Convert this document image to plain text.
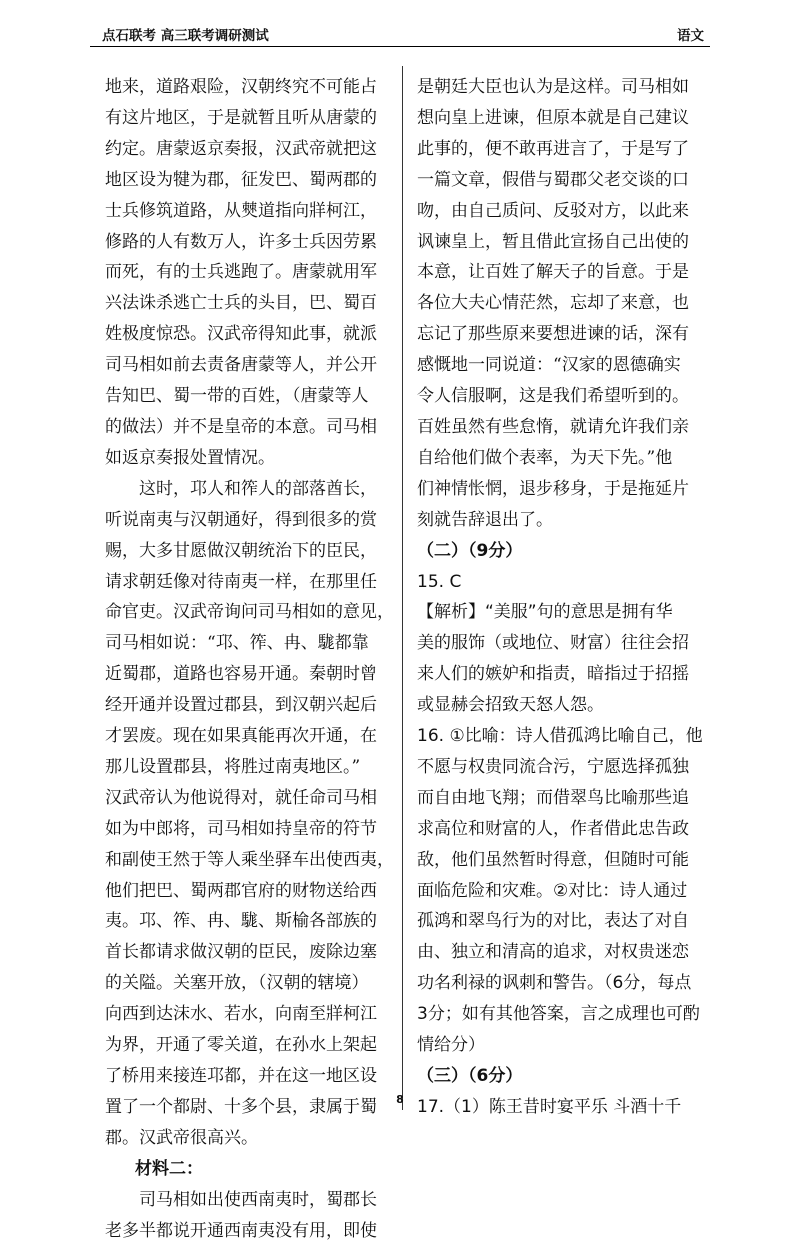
点石联考 高三联考调研测试	语文
地来，道路艰险，汉朝终究不可能占
有这片地区，于是就暂且听从唐蒙的
约定。唐蒙返京奏报，汉武帝就把这
地区设为犍为郡，征发巴、蜀两郡的
士兵修筑道路，从僰道指向牂柯江，
修路的人有数万人，许多士兵因劳累
而死，有的士兵逃跑了。唐蒙就用军
兴法诛杀逃亡士兵的头目，巴、蜀百
姓极度惊恐。汉武帝得知此事，就派
司马相如前去责备唐蒙等人，并公开
告知巴、蜀一带的百姓，（唐蒙等人
的做法）并不是皇帝的本意。司马相
如返京奏报处置情况。
这时，邛人和筰人的部落酋长，
听说南夷与汉朝通好，得到很多的赏
赐，大多甘愿做汉朝统治下的臣民，
请求朝廷像对待南夷一样，在那里任
命官吏。汉武帝询问司马相如的意见，
司马相如说：“邛、筰、冉、駹都靠
近蜀郡，道路也容易开通。秦朝时曾
经开通并设置过郡县，到汉朝兴起后
才罢废。现在如果真能再次开通，在
那儿设置郡县，将胜过南夷地区。”
汉武帝认为他说得对，就任命司马相
如为中郎将，司马相如持皇帝的符节
和副使王然于等人乘坐驿车出使西夷，
他们把巴、蜀两郡官府的财物送给西
夷。邛、筰、冉、駹、斯榆各部族的
首长都请求做汉朝的臣民，废除边塞
的关隘。关塞开放，（汉朝的辖境）
向西到达沫水、若水，向南至牂柯江
为界，开通了零关道，在孙水上架起
了桥用来接连邛都，并在这一地区设
置了一个都尉、十多个县，隶属于蜀
郡。汉武帝很高兴。
材料二：
司马相如出使西南夷时，蜀郡长
老多半都说开通西南夷没有用，即使
是朝廷大臣也认为是这样。司马相如
想向皇上进谏，但原本就是自己建议
此事的，便不敢再进言了，于是写了
一篇文章，假借与蜀郡父老交谈的口
吻，由自己质问、反驳对方，以此来
讽谏皇上，暂且借此宣扬自己出使的
本意，让百姓了解天子的旨意。于是
各位大夫心情茫然，忘却了来意，也
忘记了那些原来要想进谏的话，深有
感慨地一同说道：“汉家的恩德确实
令人信服啊，这是我们希望听到的。
百姓虽然有些怠惰，就请允许我们亲
自给他们做个表率，为天下先。”他
们神情怅惘，退步移身，于是拖延片
刻就告辞退出了。
（二）（9分）
15. C
【解析】“美服”句的意思是拥有华
美的服饰（或地位、财富）往往会招
来人们的嫉妒和指责，暗指过于招摇
或显赫会招致天怒人怨。
16. ①比喻：诗人借孤鸿比喻自己，他
不愿与权贵同流合污，宁愿选择孤独
而自由地飞翔；而借翠鸟比喻那些追
求高位和财富的人，作者借此忠告政
敌，他们虽然暂时得意，但随时可能
面临危险和灾难。②对比：诗人通过
孤鸿和翠鸟行为的对比，表达了对自
由、独立和清高的追求，对权贵迷恋
功名利禄的讽刺和警告。（6分，每点
3分；如有其他答案，言之成理也可酌
情给分）
（三）（6分）
17.（1）陈王昔时宴平乐 斗酒十千
8
